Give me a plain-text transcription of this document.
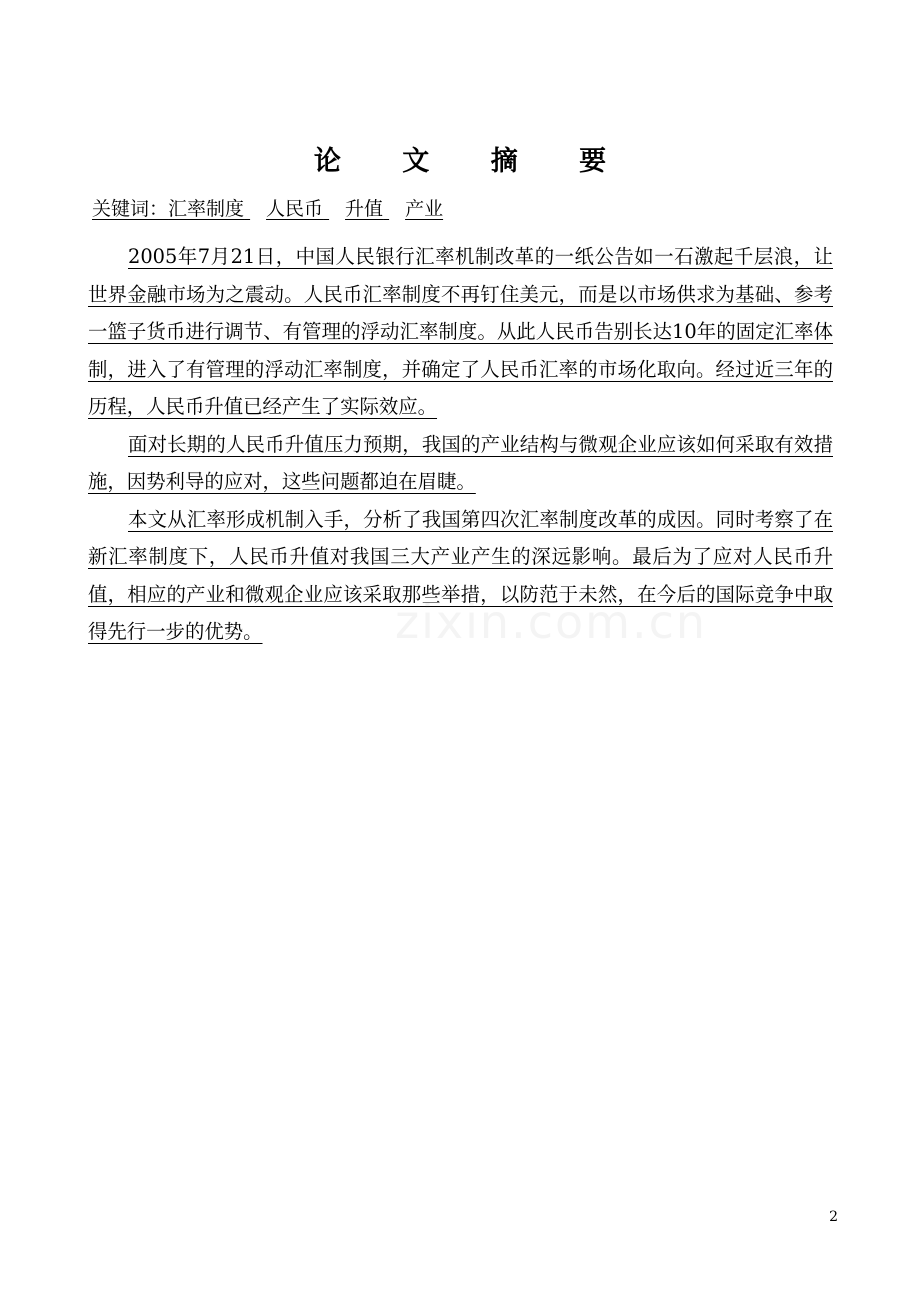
论 文 摘 要
关键词：汇率制度 人民币 升值 产业

2005年7月21日，中国人民银行汇率机制改革的一纸公告如一石激起千层浪，让世界金融市场为之震动。人民币汇率制度不再钉住美元，而是以市场供求为基础、参考一篮子货币进行调节、有管理的浮动汇率制度。从此人民币告别长达10年的固定汇率体制，进入了有管理的浮动汇率制度，并确定了人民币汇率的市场化取向。经过近三年的历程，人民币升值已经产生了实际效应。

面对长期的人民币升值压力预期，我国的产业结构与微观企业应该如何采取有效措施，因势利导的应对，这些问题都迫在眉睫。

本文从汇率形成机制入手，分析了我国第四次汇率制度改革的成因。同时考察了在新汇率制度下，人民币升值对我国三大产业产生的深远影响。最后为了应对人民币升值，相应的产业和微观企业应该采取那些举措，以防范于未然，在今后的国际竞争中取得先行一步的优势。	zixin.com.cn
2
